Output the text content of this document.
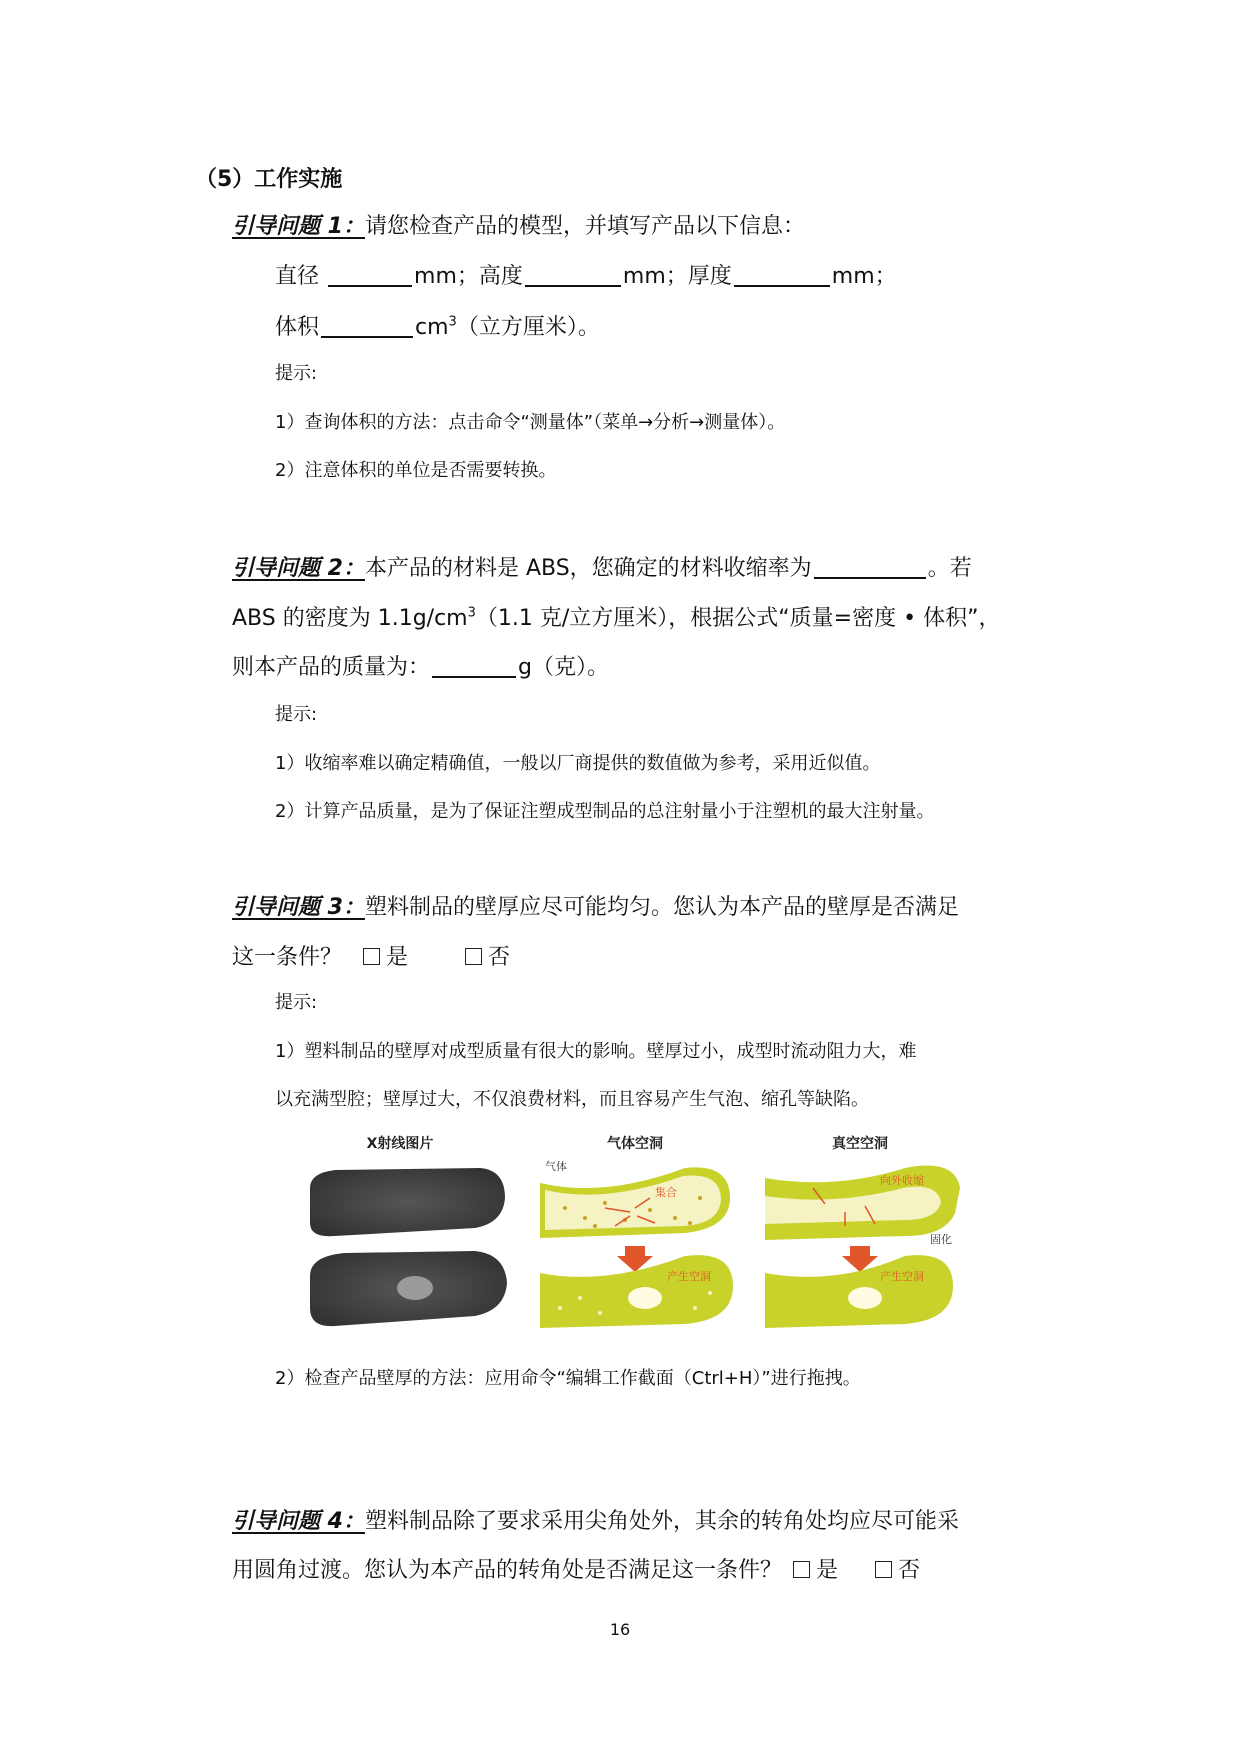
（5）工作实施
引导问题 1：请您检查产品的模型，并填写产品以下信息：
直径	mm；高度	mm；厚度	mm；
体积	$cm^3$（立方厘米）。
提示:
1）查询体积的方法：点击命令“测量体”（菜单→分析→测量体）。
2）注意体积的单位是否需要转换。
引导问题 2：本产品的材料是 ABS，您确定的材料收缩率为	。若
ABS 的密度为 $1.1g/cm^3(1.1$ 克/立方厘米），根据公式“质量=密度 • 体积”，
则本产品的质量为：	g（克）。
提示:
1）收缩率难以确定精确值，一般以厂商提供的数值做为参考，采用近似值。
2）计算产品质量，是为了保证注塑成型制品的总注射量小于注塑机的最大注射量。
引导问题 3：塑料制品的壁厚应尽可能均匀。您认为本产品的壁厚是否满足
这一条件？ 是	否
提示:
1）塑料制品的壁厚对成型质量有很大的影响。壁厚过小，成型时流动阻力大，难
以充满型腔；壁厚过大，不仅浪费材料，而且容易产生气泡、缩孔等缺陷。
X射线图片	气体空洞	真空空洞
气体
集合
产生空洞
向外收缩
固化
产生空洞
2）检查产品壁厚的方法：应用命令“编辑工作截面（Ctrl+H）”进行拖拽。
引导问题 4：塑料制品除了要求采用尖角处外，其余的转角处均应尽可能采
用圆角过渡。您认为本产品的转角处是否满足这一条件？ 是	否
16
